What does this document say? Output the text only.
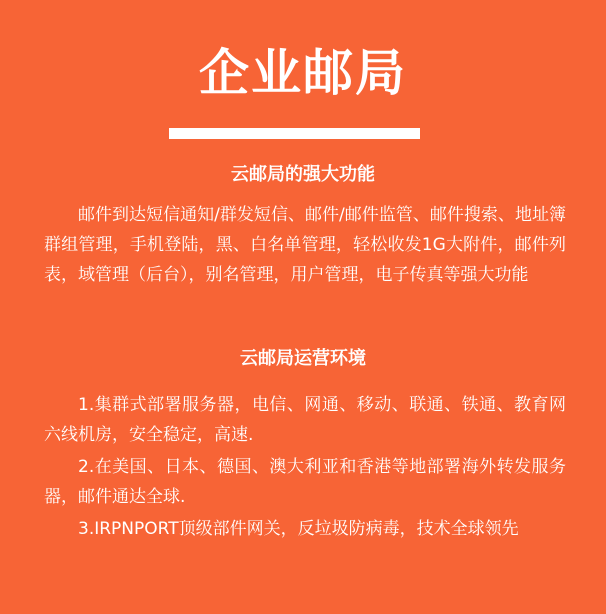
企业邮局
云邮局的强大功能
邮件到达短信通知/群发短信、邮件/邮件监管、邮件搜索、地址簿群组管理，手机登陆，黑、白名单管理，轻松收发1G大附件，邮件列表，域管理（后台），别名管理，用户管理，电子传真等强大功能
云邮局运营环境
1.集群式部署服务器，电信、网通、移动、联通、铁通、教育网六线机房，安全稳定，高速.
2.在美国、日本、德国、澳大利亚和香港等地部署海外转发服务器，邮件通达全球.
3.IRPNPORT顶级部件网关，反垃圾防病毒，技术全球领先
